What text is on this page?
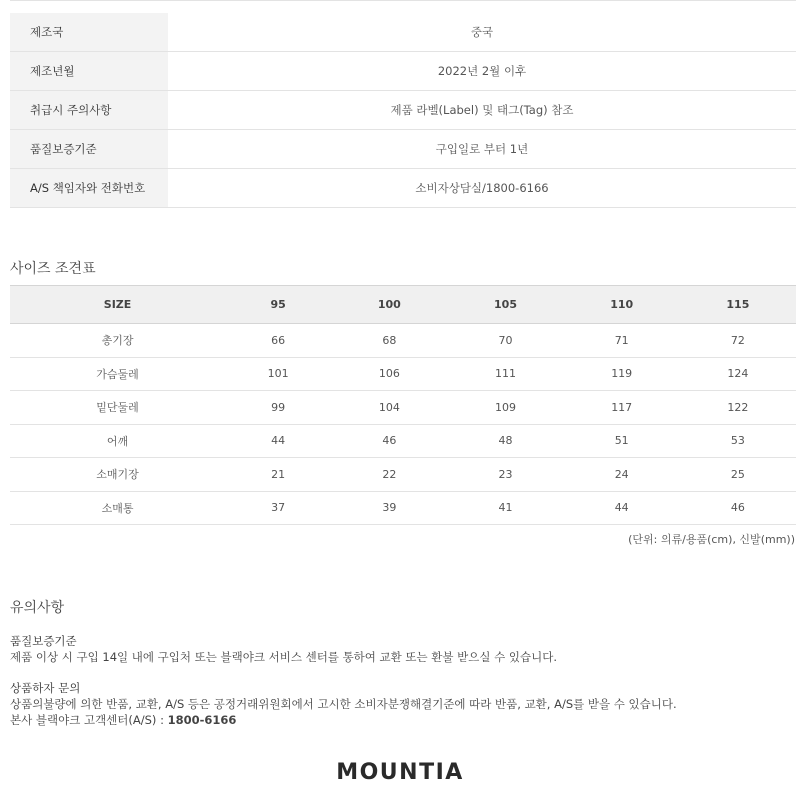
제조국	중국
제조년월	2022년 2월 이후
취급시 주의사항	제품 라벨(Label) 및 태그(Tag) 참조
품질보증기준	구입일로 부터 1년
A/S 책임자와 전화번호	소비자상담실/1800-6166
사이즈 조견표
SIZE	95	100	105	110	115
총기장	66	68	70	71	72
가슴둘레	101	106	111	119	124
밑단둘레	99	104	109	117	122
어깨	44	46	48	51	53
소매기장	21	22	23	24	25
소매통	37	39	41	44	46
(단위: 의류/용품(cm), 신발(mm))
유의사항
품질보증기준
제품 이상 시 구입 14일 내에 구입처 또는 블랙야크 서비스 센터를 통하여 교환 또는 환불 받으실 수 있습니다.
상품하자 문의
상품의불량에 의한 반품, 교환, A/S 등은 공정거래위원회에서 고시한 소비자분쟁해결기준에 따라 반품, 교환, A/S를 받을 수 있습니다.
본사 블랙야크 고객센터(A/S) : 1800-6166
MOUNTIA
